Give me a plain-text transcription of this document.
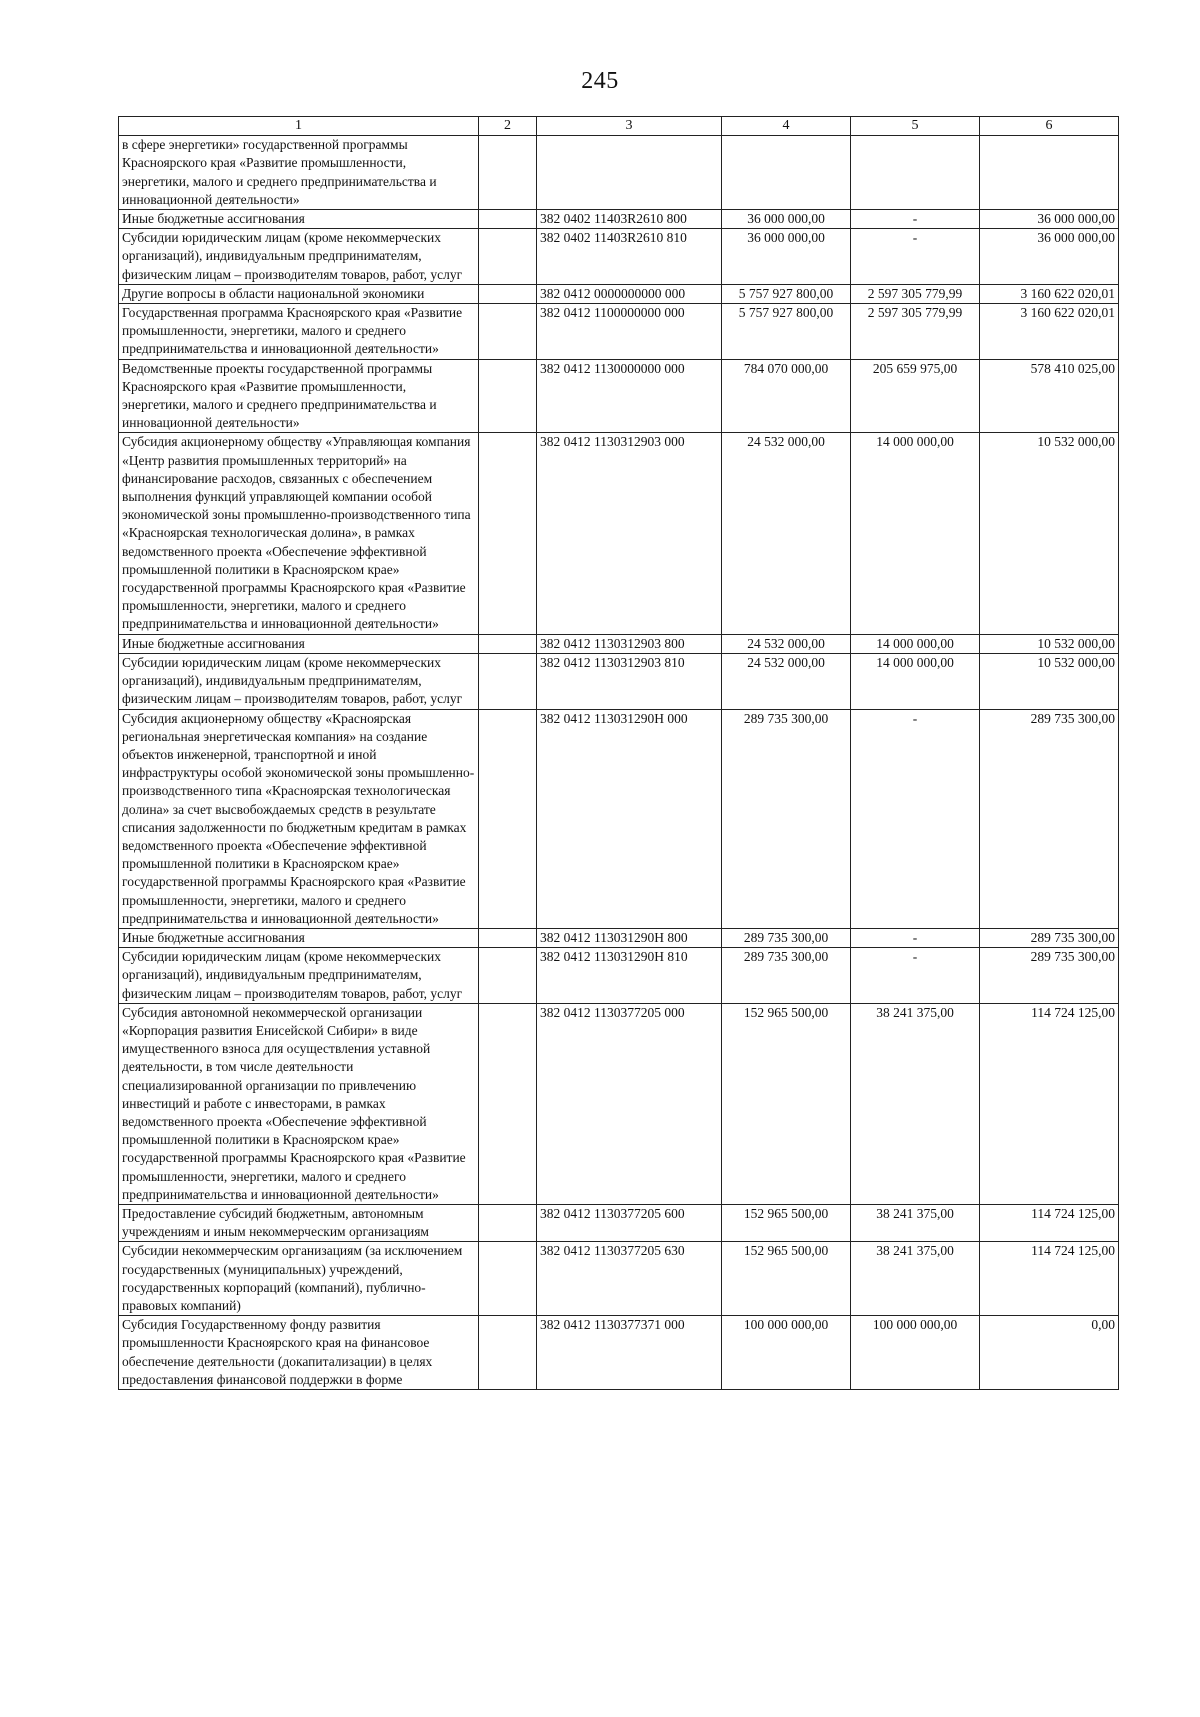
245
1	2	3	4	5	6
в сфере энергетики» государственной программы Красноярского края «Развитие промышленности, энергетики, малого и среднего предпринимательства и инновационной деятельности»					
Иные бюджетные ассигнования		382 0402 11403R2610 800	36 000 000,00	-	36 000 000,00
Субсидии юридическим лицам (кроме некоммерческих организаций), индивидуальным предпринимателям, физическим лицам – производителям товаров, работ, услуг		382 0402 11403R2610 810	36 000 000,00	-	36 000 000,00
Другие вопросы в области национальной экономики		382 0412 0000000000 000	5 757 927 800,00	2 597 305 779,99	3 160 622 020,01
Государственная программа Красноярского края «Развитие промышленности, энергетики, малого и среднего предпринимательства и инновационной деятельности»		382 0412 1100000000 000	5 757 927 800,00	2 597 305 779,99	3 160 622 020,01
Ведомственные проекты государственной программы Красноярского края «Развитие промышленности, энергетики, малого и среднего предпринимательства и инновационной деятельности»		382 0412 1130000000 000	784 070 000,00	205 659 975,00	578 410 025,00
Субсидия акционерному обществу «Управляющая компания «Центр развития промышленных территорий» на финансирование расходов, связанных с обеспечением выполнения функций управляющей компании особой экономической зоны промышленно-производственного типа «Красноярская технологическая долина», в рамках ведомственного проекта «Обеспечение эффективной промышленной политики в Красноярском крае» государственной программы Красноярского края «Развитие промышленности, энергетики, малого и среднего предпринимательства и инновационной деятельности»		382 0412 1130312903 000	24 532 000,00	14 000 000,00	10 532 000,00
Иные бюджетные ассигнования		382 0412 1130312903 800	24 532 000,00	14 000 000,00	10 532 000,00
Субсидии юридическим лицам (кроме некоммерческих организаций), индивидуальным предпринимателям, физическим лицам – производителям товаров, работ, услуг		382 0412 1130312903 810	24 532 000,00	14 000 000,00	10 532 000,00
Субсидия акционерному обществу «Красноярская региональная энергетическая компания» на создание объектов инженерной, транспортной и иной инфраструктуры особой экономической зоны промышленно-производственного типа «Красноярская технологическая долина» за счет высвобождаемых средств в результате списания задолженности по бюджетным кредитам в рамках ведомственного проекта «Обеспечение эффективной промышленной политики в Красноярском крае» государственной программы Красноярского края «Развитие промышленности, энергетики, малого и среднего предпринимательства и инновационной деятельности»		382 0412 113031290H 000	289 735 300,00	-	289 735 300,00
Иные бюджетные ассигнования		382 0412 113031290H 800	289 735 300,00	-	289 735 300,00
Субсидии юридическим лицам (кроме некоммерческих организаций), индивидуальным предпринимателям, физическим лицам – производителям товаров, работ, услуг		382 0412 113031290H 810	289 735 300,00	-	289 735 300,00
Субсидия автономной некоммерческой организации «Корпорация развития Енисейской Сибири» в виде имущественного взноса для осуществления уставной деятельности, в том числе деятельности специализированной организации по привлечению инвестиций и работе с инвесторами, в рамках ведомственного проекта «Обеспечение эффективной промышленной политики в Красноярском крае» государственной программы Красноярского края «Развитие промышленности, энергетики, малого и среднего предпринимательства и инновационной деятельности»		382 0412 1130377205 000	152 965 500,00	38 241 375,00	114 724 125,00
Предоставление субсидий бюджетным, автономным учреждениям и иным некоммерческим организациям		382 0412 1130377205 600	152 965 500,00	38 241 375,00	114 724 125,00
Субсидии некоммерческим организациям (за исключением государственных (муниципальных) учреждений, государственных корпораций (компаний), публично-правовых компаний)		382 0412 1130377205 630	152 965 500,00	38 241 375,00	114 724 125,00
Субсидия Государственному фонду развития промышленности Красноярского края на финансовое обеспечение деятельности (докапитализации) в целях предоставления финансовой поддержки в форме		382 0412 1130377371 000	100 000 000,00	100 000 000,00	0,00
